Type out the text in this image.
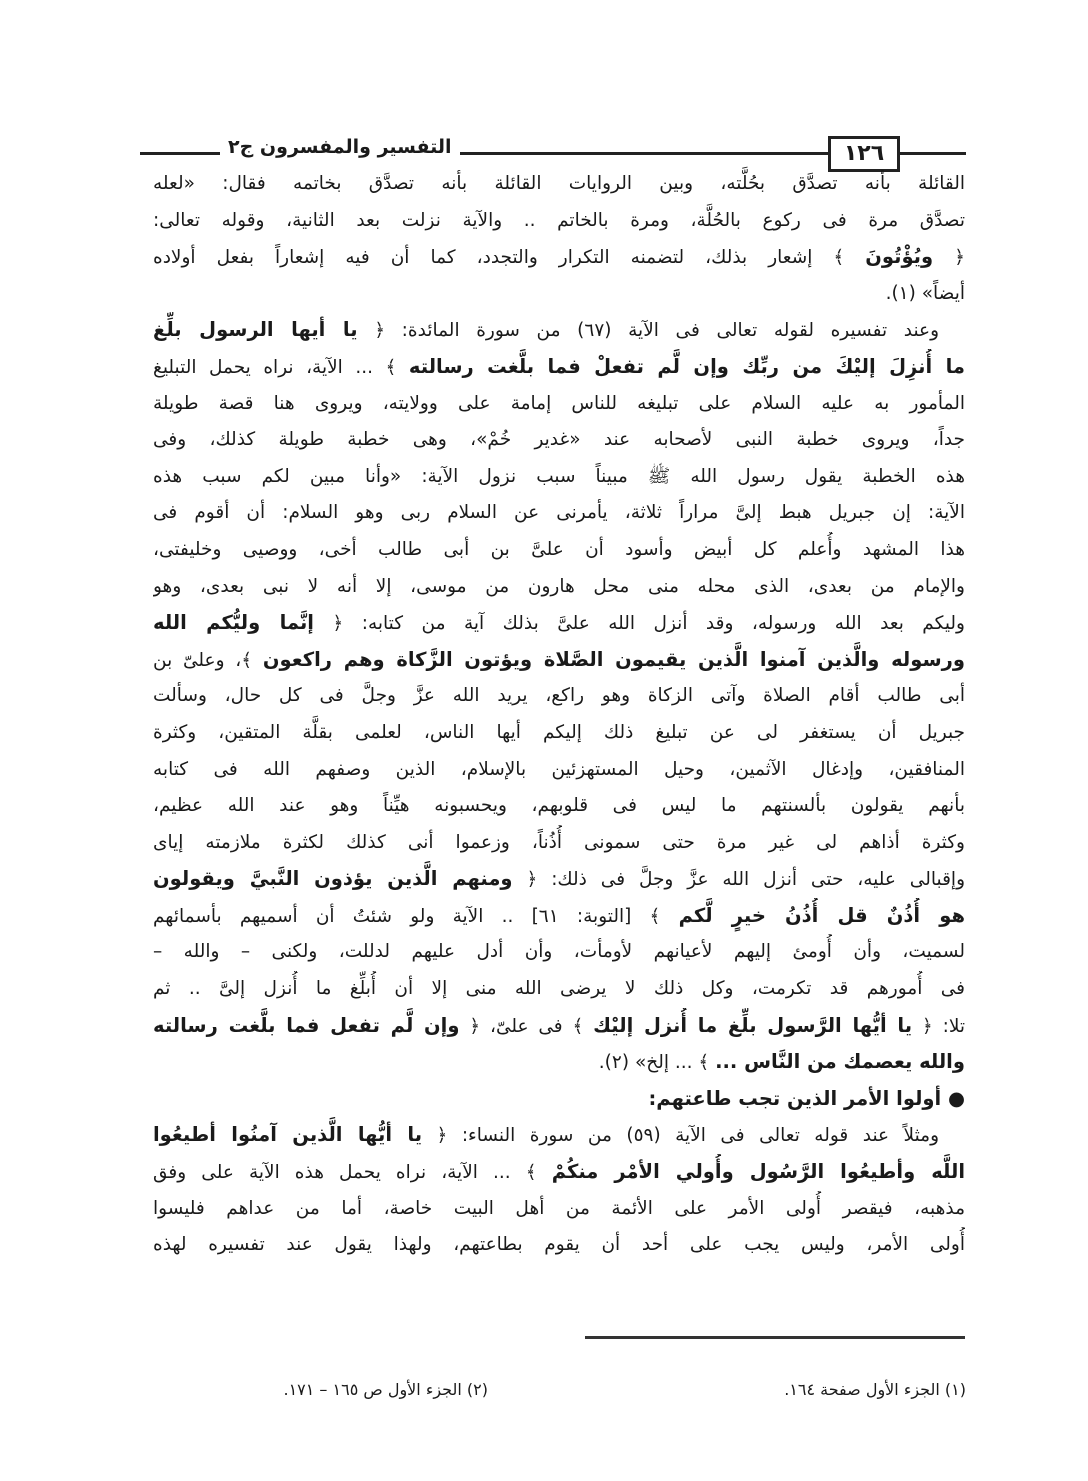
التفسير والمفسرون ج٢	١٢٦
القائلة بأنه تصدَّق بحُلَّته، وبين الروايات القائلة بأنه تصدَّق بخاتمه فقال: «لعله
تصدَّق مرة فى ركوع بالحُلَّة، ومرة بالخاتم .. والآية نزلت بعد الثانية، وقوله تعالى:
﴿ ويُؤْتُونَ ﴾ إشعار بذلك، لتضمنه التكرار والتجدد، كما أن فيه إشعاراً بفعل أولاده
أيضاً» (١).
وعند تفسيره لقوله تعالى فى الآية (٦٧) من سورة المائدة: ﴿ يا أيها الرسول بلِّغ
ما أُنزِلَ إليْكَ من ربِّك وإن لَّم تفعلْ فما بلَّغت رسالته ﴾ ... الآية، نراه يحمل التبليغ
المأمور به عليه السلام على تبليغه للناس إمامة على وولايته، ويروى هنا قصة طويلة
جداً، ويروى خطبة النبى لأصحابه عند «غدير خُمْ»، وهى خطبة طويلة كذلك، وفى
هذه الخطبة يقول رسول الله ﷺ مبيناً سبب نزول الآية: «وأنا مبين لكم سبب هذه
الآية: إن جبريل هبط إلىَّ مراراً ثلاثة، يأمرنى عن السلام ربى وهو السلام: أن أقوم فى
هذا المشهد وأُعلم كل أبيض وأسود أن علىَّ بن أبى طالب أخى، ووصيى وخليفتى،
والإمام من بعدى، الذى محله منى محل هارون من موسى، إلا أنه لا نبى بعدى، وهو
وليكم بعد الله ورسوله، وقد أنزل الله علىَّ بذلك آية من كتابه: ﴿ إنَّما وليُّكم الله
ورسوله والَّذين آمنوا الَّذين يقيمون الصَّلاة ويؤتون الزَّكاة وهم راكعون ﴾، وعلىّ بن
أبى طالب أقام الصلاة وآتى الزكاة وهو راكع، يريد الله عزَّ وجلَّ فى كل حال، وسألت
جبريل أن يستغفر لى عن تبليغ ذلك إليكم أيها الناس، لعلمى بقلَّة المتقين، وكثرة
المنافقين، وإدغال الآثمين، وحيل المستهزئين بالإسلام، الذين وصفهم الله فى كتابه
بأنهم يقولون بألسنتهم ما ليس فى قلوبهم، ويحسبونه هيِّناً وهو عند الله عظيم،
وكثرة أذاهم لى غير مرة حتى سمونى أُذُناً، وزعموا أنى كذلك لكثرة ملازمته إياى
وإقبالى عليه، حتى أنزل الله عزَّ وجلَّ فى ذلك: ﴿ ومنهم الَّذين يؤذون النَّبيَّ ويقولون
هو أُذُنٌ قل أُذُنُ خيرٍ لَّكم ﴾ [التوبة: ٦١] .. الآية ولو شئتُ أن أسميهم بأسمائهم
لسميت، وأن أُومئ إليهم لأعيانهم لأومأت، وأن أدل عليهم لدللت، ولكنى – والله –
فى أُمورهم قد تكرمت، وكل ذلك لا يرضى الله منى إلا أن أُبلِّغ ما أُنزل إلىَّ .. ثم
تلا: ﴿ يا أيُّها الرَّسول بلِّغ ما أُنزل إليْك ﴾ فى علىّ، ﴿ وإن لَّم تفعل فما بلَّغت رسالته
والله يعصمك من النَّاس ... ﴾ ... إلخ» (٢).
● أولوا الأمر الذين تجب طاعتهم:
ومثلاً عند قوله تعالى فى الآية (٥٩) من سورة النساء: ﴿ يا أيُّها الَّذين آمنُوا أطيعُوا
اللَّه وأطيعُوا الرَّسُول وأُولي الأمْر منكُمْ ﴾ ... الآية، نراه يحمل هذه الآية على وفق
مذهبه، فيقصر أُولى الأمر على الأئمة من أهل البيت خاصة، أما من عداهم فليسوا
أُولى الأمر، وليس يجب على أحد أن يقوم بطاعتهم، ولهذا يقول عند تفسيره لهذه
(١) الجزء الأول صفحة ١٦٤.
(٢) الجزء الأول ص ١٦٥ – ١٧١.
